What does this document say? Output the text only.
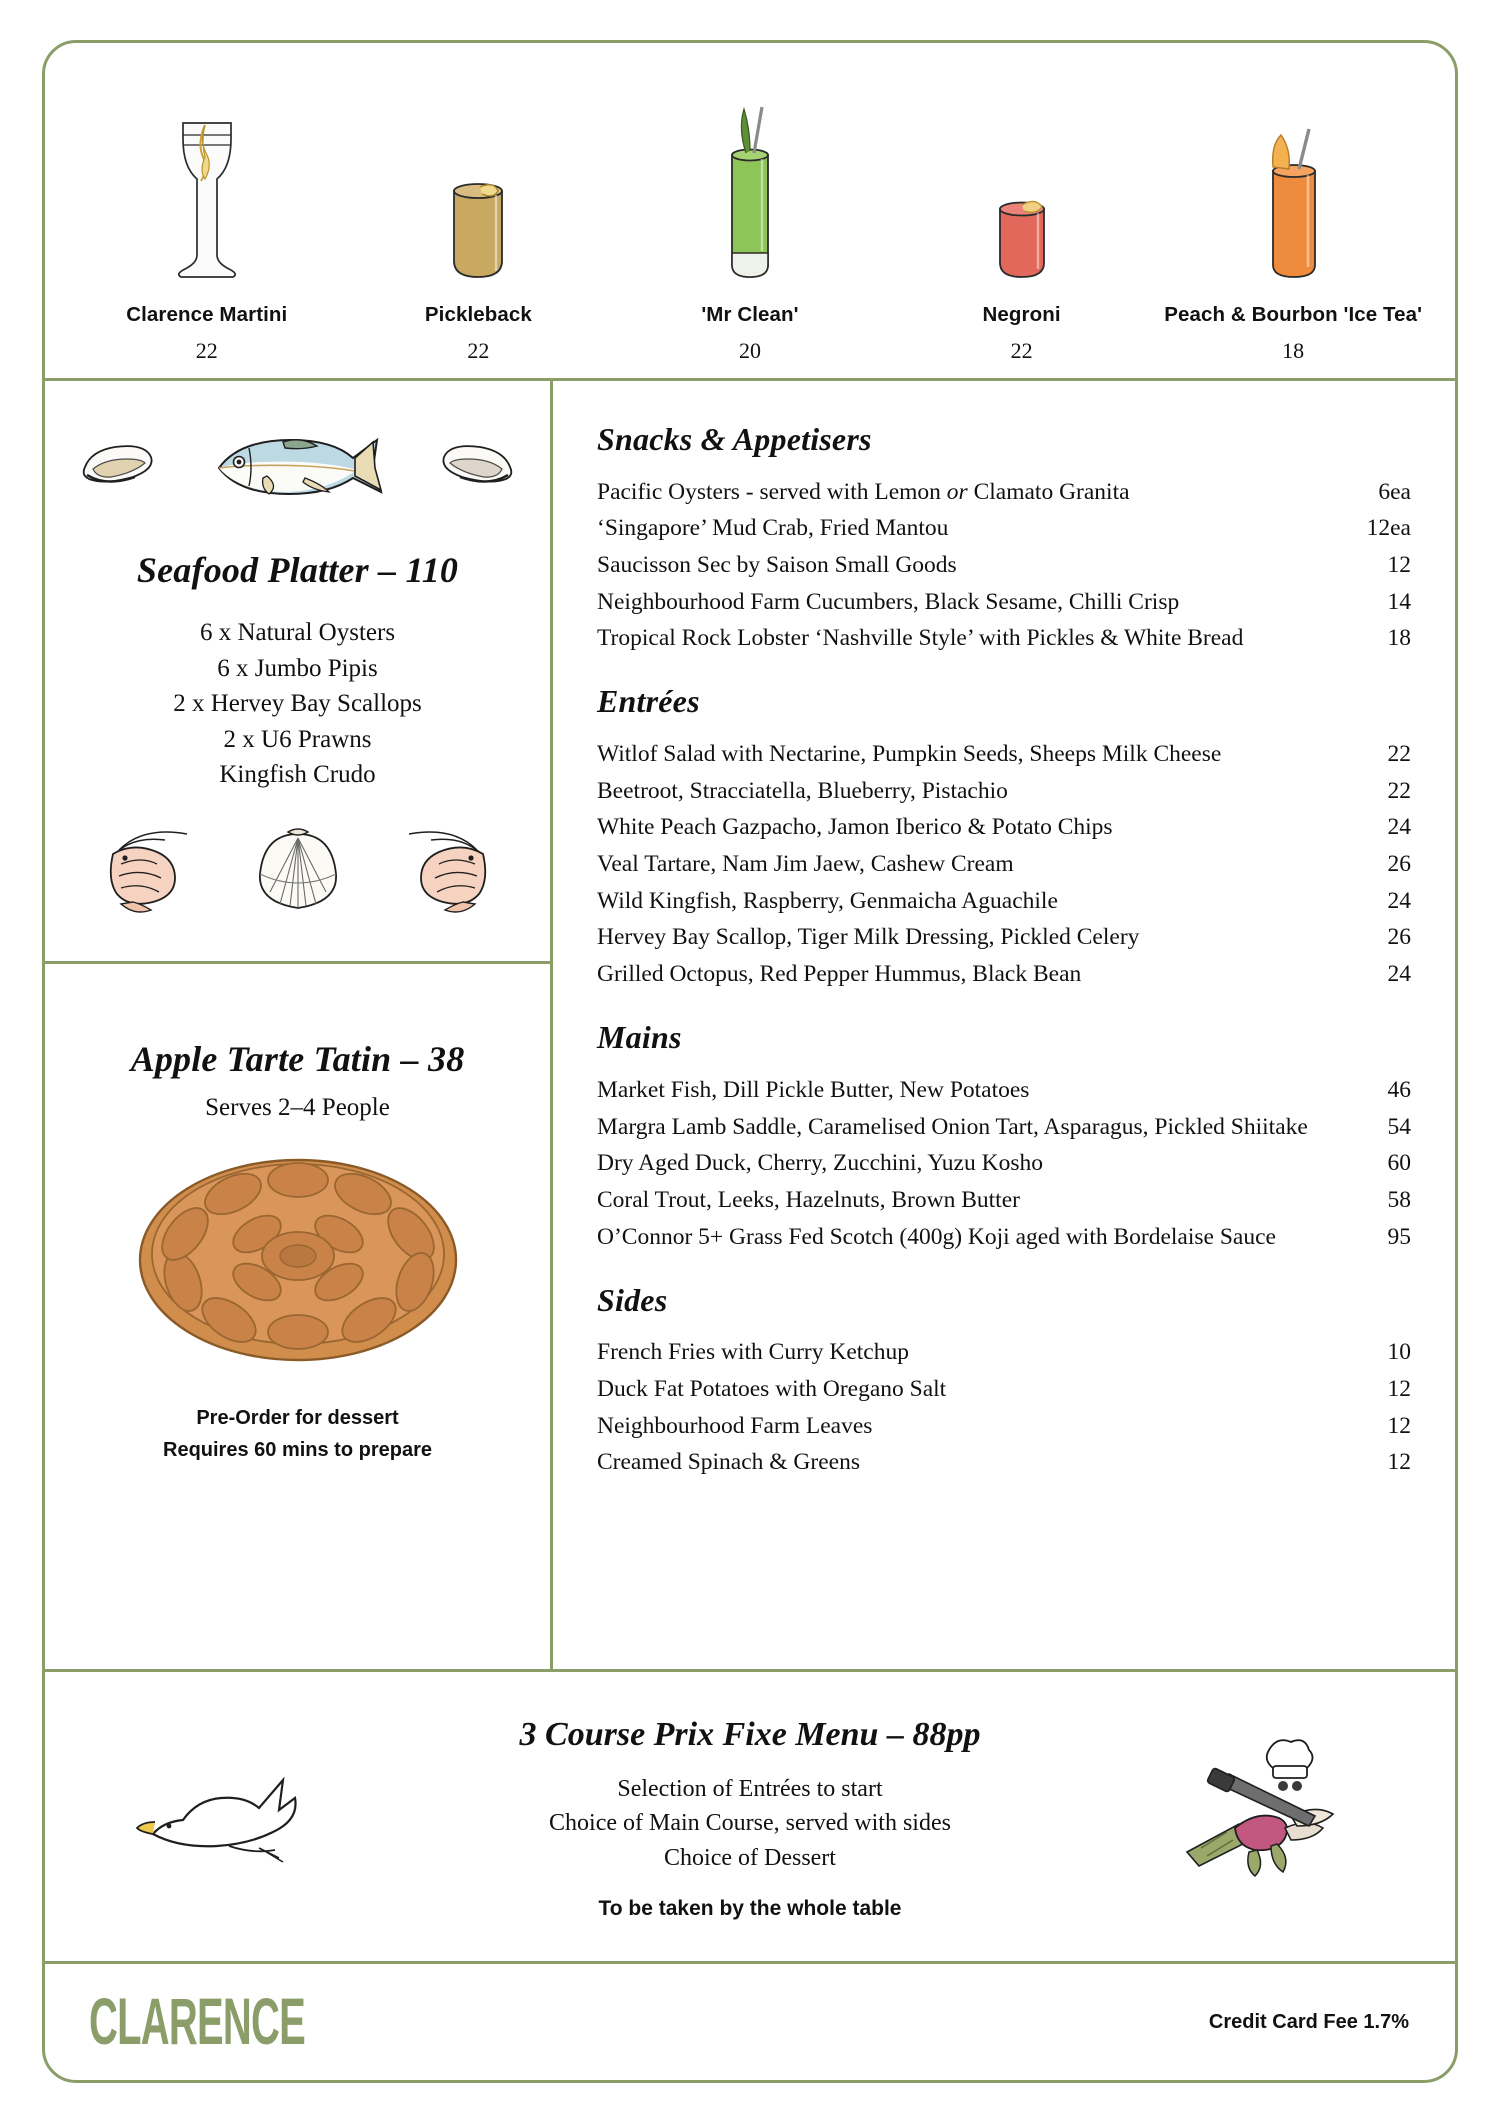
Clarence Martini
22
Pickleback
22
'Mr Clean'
20
Negroni
22
Peach & Bourbon 'Ice Tea'
18
Seafood Platter – 110
6 x Natural Oysters
6 x Jumbo Pipis
2 x Hervey Bay Scallops
2 x U6 Prawns
Kingfish Crudo
Apple Tarte Tatin – 38
Serves 2–4 People
Pre-Order for dessert
Requires 60 mins to prepare
Snacks & Appetisers
Pacific Oysters - served with Lemon or Clamato Granita	6ea
‘Singapore’ Mud Crab, Fried Mantou	12ea
Saucisson Sec by Saison Small Goods	12
Neighbourhood Farm Cucumbers, Black Sesame, Chilli Crisp	14
Tropical Rock Lobster ‘Nashville Style’ with Pickles & White Bread	18
Entrées
Witlof Salad with Nectarine, Pumpkin Seeds, Sheeps Milk Cheese	22
Beetroot, Stracciatella, Blueberry, Pistachio	22
White Peach Gazpacho, Jamon Iberico & Potato Chips	24
Veal Tartare, Nam Jim Jaew, Cashew Cream	26
Wild Kingfish, Raspberry, Genmaicha Aguachile	24
Hervey Bay Scallop, Tiger Milk Dressing, Pickled Celery	26
Grilled Octopus, Red Pepper Hummus, Black Bean	24
Mains
Market Fish, Dill Pickle Butter, New Potatoes	46
Margra Lamb Saddle, Caramelised Onion Tart, Asparagus, Pickled Shiitake	54
Dry Aged Duck, Cherry, Zucchini, Yuzu Kosho	60
Coral Trout, Leeks, Hazelnuts, Brown Butter	58
O’Connor 5+ Grass Fed Scotch (400g) Koji aged with Bordelaise Sauce	95
Sides
French Fries with Curry Ketchup	10
Duck Fat Potatoes with Oregano Salt	12
Neighbourhood Farm Leaves	12
Creamed Spinach & Greens	12
3 Course Prix Fixe Menu – 88pp
Selection of Entrées to start
Choice of Main Course, served with sides
Choice of Dessert
To be taken by the whole table
CLARENCE	Credit Card Fee 1.7%
